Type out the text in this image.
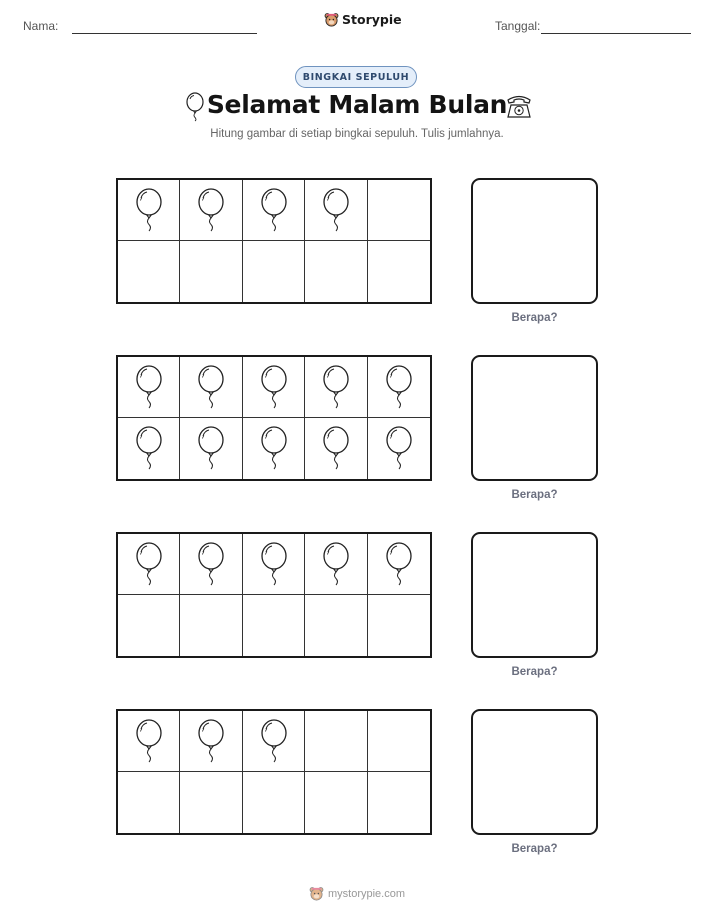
Nama:	Storypie	Tanggal:
BINGKAI SEPULUH
Selamat Malam Bulan
Hitung gambar di setiap bingkai sepuluh. Tulis jumlahnya.
Berapa?
Berapa?
Berapa?
Berapa?
mystorypie.com
